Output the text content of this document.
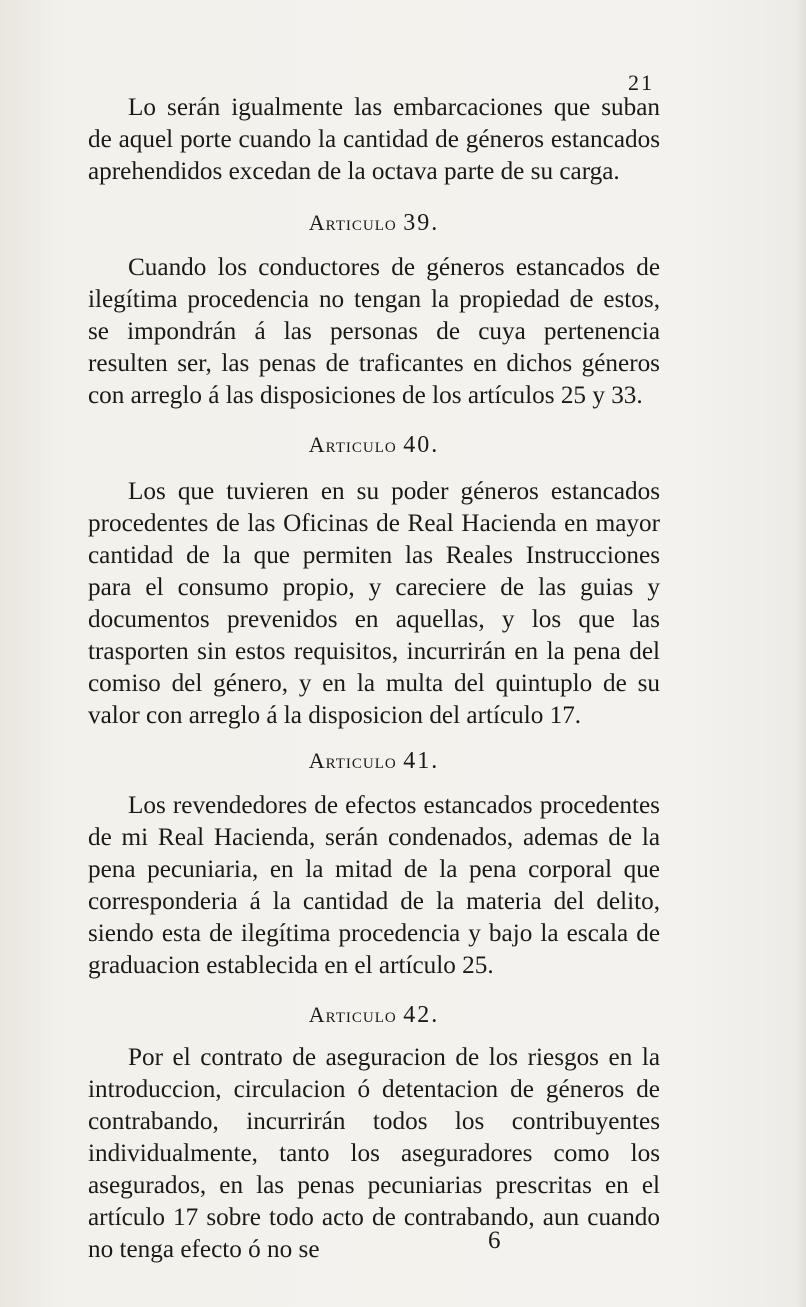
21

Lo serán igualmente las embarcaciones que suban de aquel porte cuando la cantidad de géneros estancados aprehendidos excedan de la octava parte de su carga.

Articulo 39.

Cuando los conductores de géneros estancados de ilegítima procedencia no tengan la propiedad de estos, se impondrán á las personas de cuya pertenencia resulten ser, las penas de traficantes en dichos géneros con arreglo á las disposiciones de los artículos 25 y 33.

Articulo 40.

Los que tuvieren en su poder géneros estancados procedentes de las Oficinas de Real Hacienda en mayor cantidad de la que permiten las Reales Instrucciones para el consumo propio, y careciere de las guias y documentos prevenidos en aquellas, y los que las trasporten sin estos requisitos, incurrirán en la pena del comiso del género, y en la multa del quintuplo de su valor con arreglo á la disposicion del artículo 17.

Articulo 41.

Los revendedores de efectos estancados procedentes de mi Real Hacienda, serán condenados, ademas de la pena pecuniaria, en la mitad de la pena corporal que corresponderia á la cantidad de la materia del delito, siendo esta de ilegítima procedencia y bajo la escala de graduacion establecida en el artículo 25.

Articulo 42.

Por el contrato de aseguracion de los riesgos en la introduccion, circulacion ó detentacion de géneros de contrabando, incurrirán todos los contribuyentes individualmente, tanto los aseguradores como los asegurados, en las penas pecuniarias prescritas en el artículo 17 sobre todo acto de contrabando, aun cuando no tenga efecto ó no se	6
